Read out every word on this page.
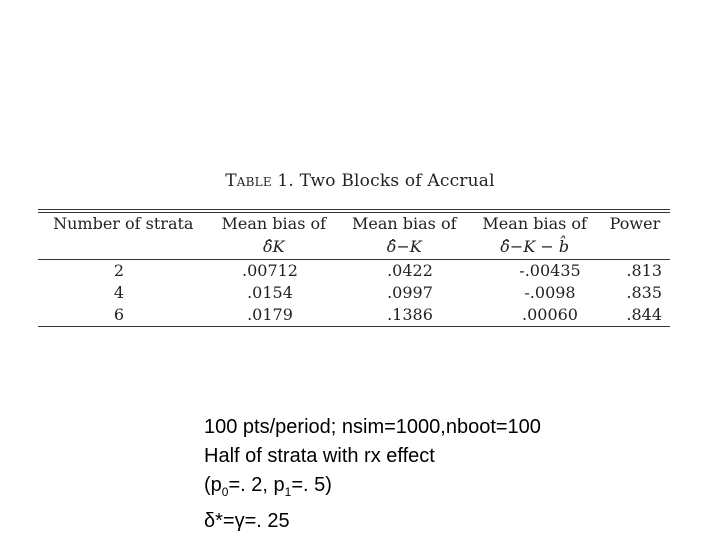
Table 1. Two Blocks of Accrual
Number of strata	Mean bias of	Mean bias of	Mean bias of	Power
	δ̂K	δ̂−K	δ̂−K − b̂	
2	.00712	.0422	-.00435	.813
4	.0154	.0997	-.0098	.835
6	.0179	.1386	.00060	.844
100 pts/period; nsim=1000,nboot=100
Half of strata with rx effect
($p_0=$. 2, $p_1=$. 5)
δ*=γ=. 25
